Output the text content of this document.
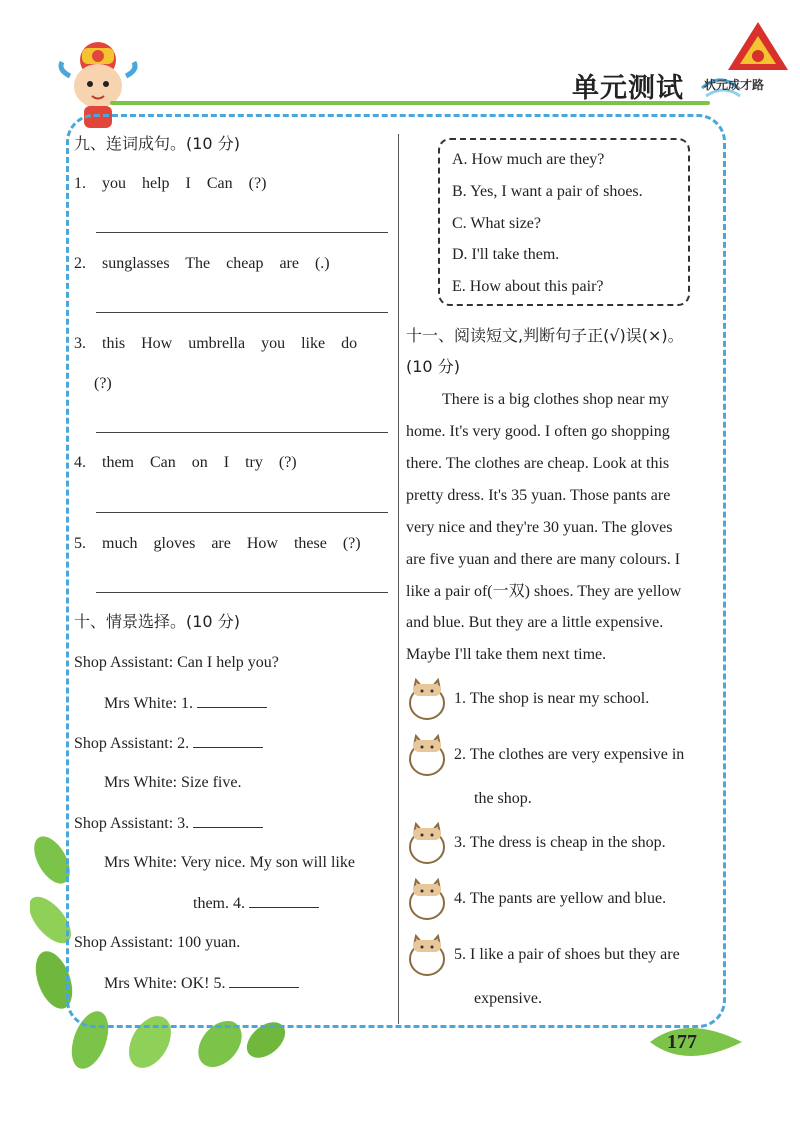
单元测试 状元成才路
九、连词成句。(10 分)
1. you help I Can (?)
2. sunglasses The cheap are (.)
3. this How umbrella you like do
(?)
4. them Can on I try (?)
5. much gloves are How these (?)
十、情景选择。(10 分)
Shop Assistant: Can I help you?
Mrs White: 1.
Shop Assistant: 2.
Mrs White: Size five.
Shop Assistant: 3.
Mrs White: Very nice. My son will like
them. 4.
Shop Assistant: 100 yuan.
Mrs White: OK! 5.
A. How much are they?
B. Yes, I want a pair of shoes.
C. What size?
D. I'll take them.
E. How about this pair?
十一、阅读短文,判断句子正(√)误(×)。
(10 分)
There is a big clothes shop near my
home. It's very good. I often go shopping
there. The clothes are cheap. Look at this
pretty dress. It's 35 yuan. Those pants are
very nice and they're 30 yuan. The gloves
are five yuan and there are many colours. I
like a pair of(一双) shoes. They are yellow
and blue. But they are a little expensive.
Maybe I'll take them next time.
1. The shop is near my school.
2. The clothes are very expensive in
the shop.
3. The dress is cheap in the shop.
4. The pants are yellow and blue.
5. I like a pair of shoes but they are
expensive.
177
